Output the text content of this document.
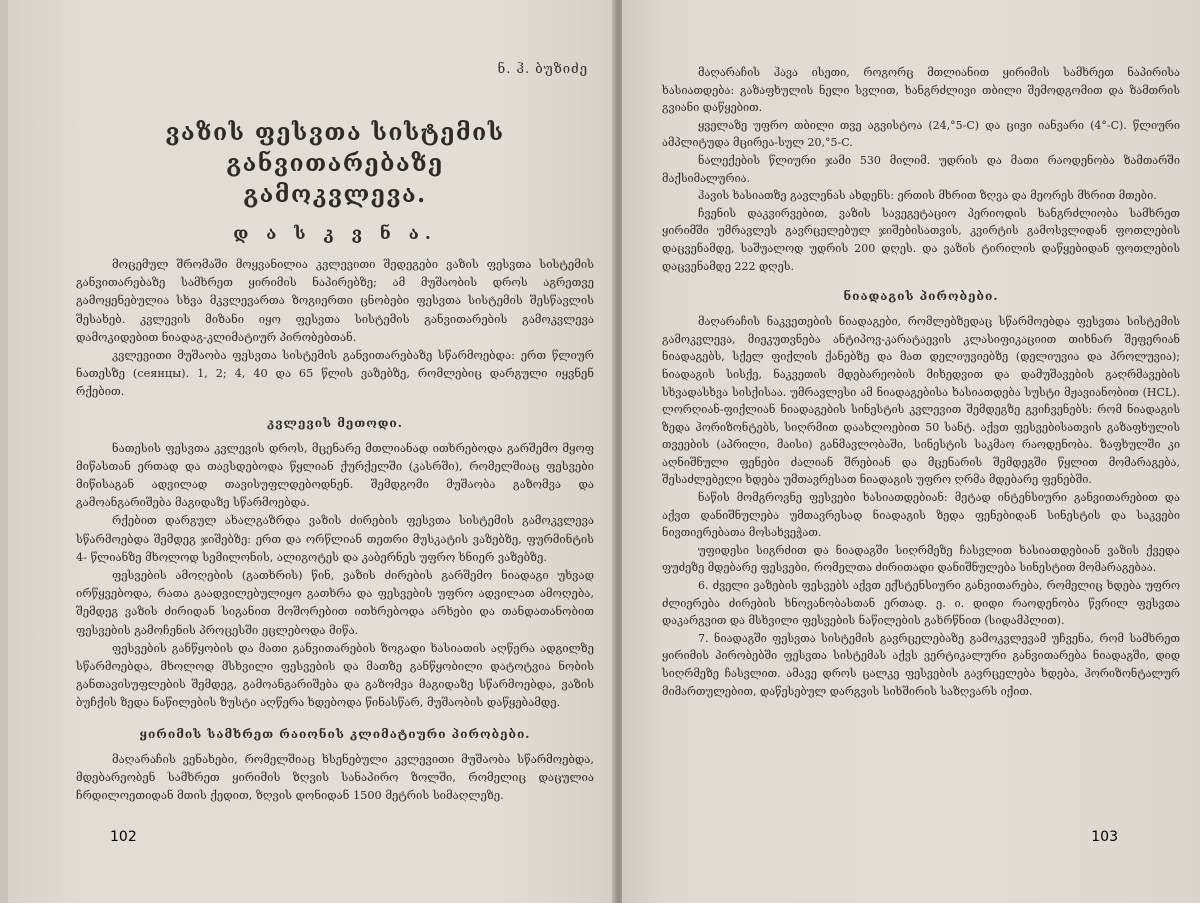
ნ. ჰ. ბუზიძე
ვაზის ფესვთა სისტემის განვითარებაზე
გამოკვლევა.
დ ა ს კ ვ ნ ა.

მოცემულ შრომაში მოყვანილია კვლევითი შედეგები ვაზის ფესვთა სისტემის განვითარებაზე სამხრეთ ყირიმის ნაპირებზე; ამ მუშაობის დროს აგრეთვე გამოყენებულია სხვა მკვლევართა ზოგიერთი ცნობები ფესვთა სისტემის შესწავლის შესახებ. კვლევის მიზანი იყო ფესვთა სისტემის განვითარების გამოკვლევა დამოკიდებით ნიადაგ-კლიმატიურ პირობებთან.

კვლევითი მუშაობა ფესვთა სისტემის განვითარებაზე სწარმოებდა: ერთ წლიურ ნათესზე (сеянцы). 1, 2; 4, 40 და 65 წლის ვაზებზე, რომლებიც დარგული იყვნენ რქებით.

კვლევის მეთოდი.

ნათესის ფესვთა კვლევის დროს, მცენარე მთლიანად ითხრებოდა გარშემო მყოფ მიწასთან ერთად და თავსდებოდა წყლიან ქურქელში (კასრში), რომელშიაც ფესვები მიწისაგან ადვილად თავისუფლდებოდნენ. შემდგომი მუშაობა გაზომვა და გამოანგარიშება მაგიდაზე სწარმოებდა.

რქებით დარგულ ახალგაზრდა ვაზის ძირების ფესვთა სისტემის გამოკვლევა სწარმოებდა შემდეგ ჯიშებზე: ერთ და ორწლიან თეთრი მუსკატის ვაზებზე, ფურმინტის 4- წლიანზე მხოლოდ სემილონის, ალიგოტეს და კაბერნეს უფრო ხნიერ ვაზებზე.

ფესვების ამოღების (გათხრის) წინ, ვაზის ძირების გარშემო ნიადაგი უხვად ირწყვებოდა, რათა გაადვილებულიყო გათხრა და ფესვების უფრო ადვილათ ამოღება, შემდეგ ვაზის ძირიდან სიგანით მოშორებით ითხრებოდა არხები და თანდათანობით ფესვების გამოჩენის პროცესში ეცლებოდა მიწა.

ფესვების განწყობის და მათი განვითარების ზოგადი ხასიათის აღწერა ადგილზე სწარმოებდა, მხოლოდ მსხვილი ფესვების და მათზე განწყობილი დატოტვია ნობის განთავისუფლების შემდეგ, გამოანგარიშება და გაზომვა მაგიდაზე სწარმოებდა, ვაზის ბუჩქის ზედა ნაწილების ზუსტი აღწერა ხდებოდა წინასწარ, მუშაობის დაწყებამდე.

ყირიმის სამხრეთ რაიონის კლიმატიური პირობები.

მაღარაჩის ვენახები, რომელშიაც ხსენებული კვლევითი მუშაობა სწარმოებდა, მდებარეობენ სამხრეთ ყირიმის ზღვის სანაპირო ზოლში, რომელიც დაცულია ჩრდილოეთიდან მთის ქედით, ზღვის დონიდან 1500 მეტრის სიმაღლეზე.

102

მაღარაჩის ჰავა ისეთი, როგორც მთლიანით ყირიმის სამხრეთ ნაპირისა ხასიათდება: გაზაფხულის ნელი სვლით, ხანგრძლივი თბილი შემოდგომით და ზამთრის გვიანი დაწყებით.

ყველაზე უფრო თბილი თვე აგვისტოა (24,°5-C) და ცივი იანვარი (4°-C). წლიური ამპლიტუდა მცირეა-სულ 20,°5-C.

ნალექების წლიური ჯამი 530 მილიმ. უდრის და მათი რაოდენობა ზამთარში მაქსიმალურია.

ჰავის ხასიათზე გავლენას ახდენს: ერთის მხრით ზღვა და მეორეს მხრით მთები.

ჩვენის დაკვირვებით, ვაზის სავეგეტაციო პერიოდის ხანგრძლიობა სამხრეთ ყირიმში უმრავლეს გავრცელებულ ჯიშებისათვის, კვირტის გამოსვლიდან ფოთლების დაცვენამდე, საშუალოდ უდრის 200 დღეს. და ვაზის ტირილის დაწყებიდან ფოთლების დაცვენამდე 222 დღეს.

ნიადაგის პირობები.

მაღარაჩის ნაკვეთების ნიადაგები, რომლებზედაც სწარმოებდა ფესვთა სისტემის გამოკვლევა, მიეკუთვნება ანტიპოვ-კარატაევის კლასიფიკაციით თიხნარ შეფერიან ნიადაგებს, სქელ ფიქლის ქანებზე და მათ დელიუვიებზე (დელიუვია და პროლუვია); ნიადაგის სისქე, ნაკვეთის მდებარეობის მიხედვით და დამუშავების გაღრმავების სხვადასხვა სისქისაა. უმრავლესი ამ ნიადაგებისა ხასიათდება სუსტი მჟავიანობით (HCL). ლორღიან-ფიქლიან ნიადაგების სინესტის კვლევით შემდეგზე გვიჩვენებს: რომ ნიადაგის ზედა ჰორიზონტებს, სიღრმით დაახლოებით 50 სანტ. აქვთ ფესვებისათვის გაზაფხულის თვეების (აპრილი, მაისი) განმავლობაში, სინესტის საკმაო რაოდენობა. ზაფხულში კი აღნიშნული ფენები ძალიან შრებიან და მცენარის შემდეგში წყლით მომარაგება, შესაძლებელი ხდება უმთავრესათ ნიადაგის უფრო ღრმა მდებარე ფენებში.

ნაწის მომგროვნე ფესვები ხასიათდებიან: მეტად ინტენსიური განვითარებით და აქვთ დანიშნულება უმთავრესად ნიადაგის ზედა ფენებიდან სინესტის და საკვები ნივთიერებათა მოსახვეჭათ.

უფიდესი სიგრძით და ნიადაგში სიღრმეზე ჩასვლით ხასიათდებიან ვაზის ქვედა ფუძეზე მდებარე ფესვები, რომელთა ძირითადი დანიშნულება სინესტით მომარაგებაა.

6. ძველი ვაზების ფესვებს აქვთ ექსტენსიური განვითარება, რომელიც ხდება უფრო ძლიერება ძირების ხნოვანობასთან ერთად. ე. ი. დიდი რაოდენობა წვრილ ფესვთა დაკარგვით და მსხვილი ფესვების ნაწილების გახრწნით (სიდამპლით).

7. ნიადაგში ფესვთა სისტემის გავრცელებაზე გამოკვლევამ უჩვენა, რომ სამხრეთ ყირიმის პირობებში ფესვთა სისტემას აქვს ვერტიკალური განვითარება ნიადაგში, დიდ სიღრმეზე ჩასვლით. ამავე დროს ცალკე ფესვების გავრცელება ხდება, ჰორიზონტალურ მიმართულებით, დაწესებულ დარგვის სიხშირის საზღვარს იქით.

103
